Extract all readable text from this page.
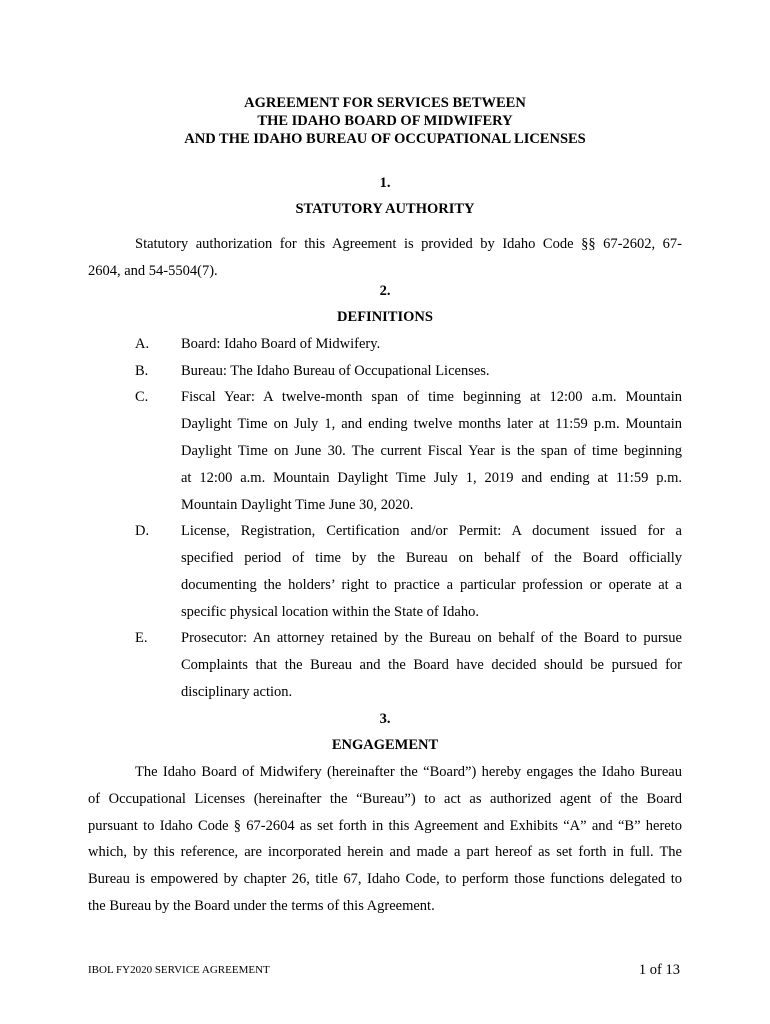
AGREEMENT FOR SERVICES BETWEEN
THE IDAHO BOARD OF MIDWIFERY
AND THE IDAHO BUREAU OF OCCUPATIONAL LICENSES
1.
STATUTORY AUTHORITY
Statutory authorization for this Agreement is provided by Idaho Code §§ 67-2602, 67-
2604, and 54-5504(7).
2.
DEFINITIONS
A. Board: Idaho Board of Midwifery.
B. Bureau: The Idaho Bureau of Occupational Licenses.
C. Fiscal Year: A twelve-month span of time beginning at 12:00 a.m. Mountain
Daylight Time on July 1, and ending twelve months later at 11:59 p.m. Mountain
Daylight Time on June 30. The current Fiscal Year is the span of time beginning
at 12:00 a.m. Mountain Daylight Time July 1, 2019 and ending at 11:59 p.m.
Mountain Daylight Time June 30, 2020.
D. License, Registration, Certification and/or Permit: A document issued for a
specified period of time by the Bureau on behalf of the Board officially
documenting the holders’ right to practice a particular profession or operate at a
specific physical location within the State of Idaho.
E. Prosecutor: An attorney retained by the Bureau on behalf of the Board to pursue
Complaints that the Bureau and the Board have decided should be pursued for
disciplinary action.
3.
ENGAGEMENT
The Idaho Board of Midwifery (hereinafter the “Board”) hereby engages the Idaho Bureau
of Occupational Licenses (hereinafter the “Bureau”) to act as authorized agent of the Board
pursuant to Idaho Code § 67-2604 as set forth in this Agreement and Exhibits “A” and “B” hereto
which, by this reference, are incorporated herein and made a part hereof as set forth in full. The
Bureau is empowered by chapter 26, title 67, Idaho Code, to perform those functions delegated to
the Bureau by the Board under the terms of this Agreement.
IBOL FY2020 SERVICE AGREEMENT	1 of 13
